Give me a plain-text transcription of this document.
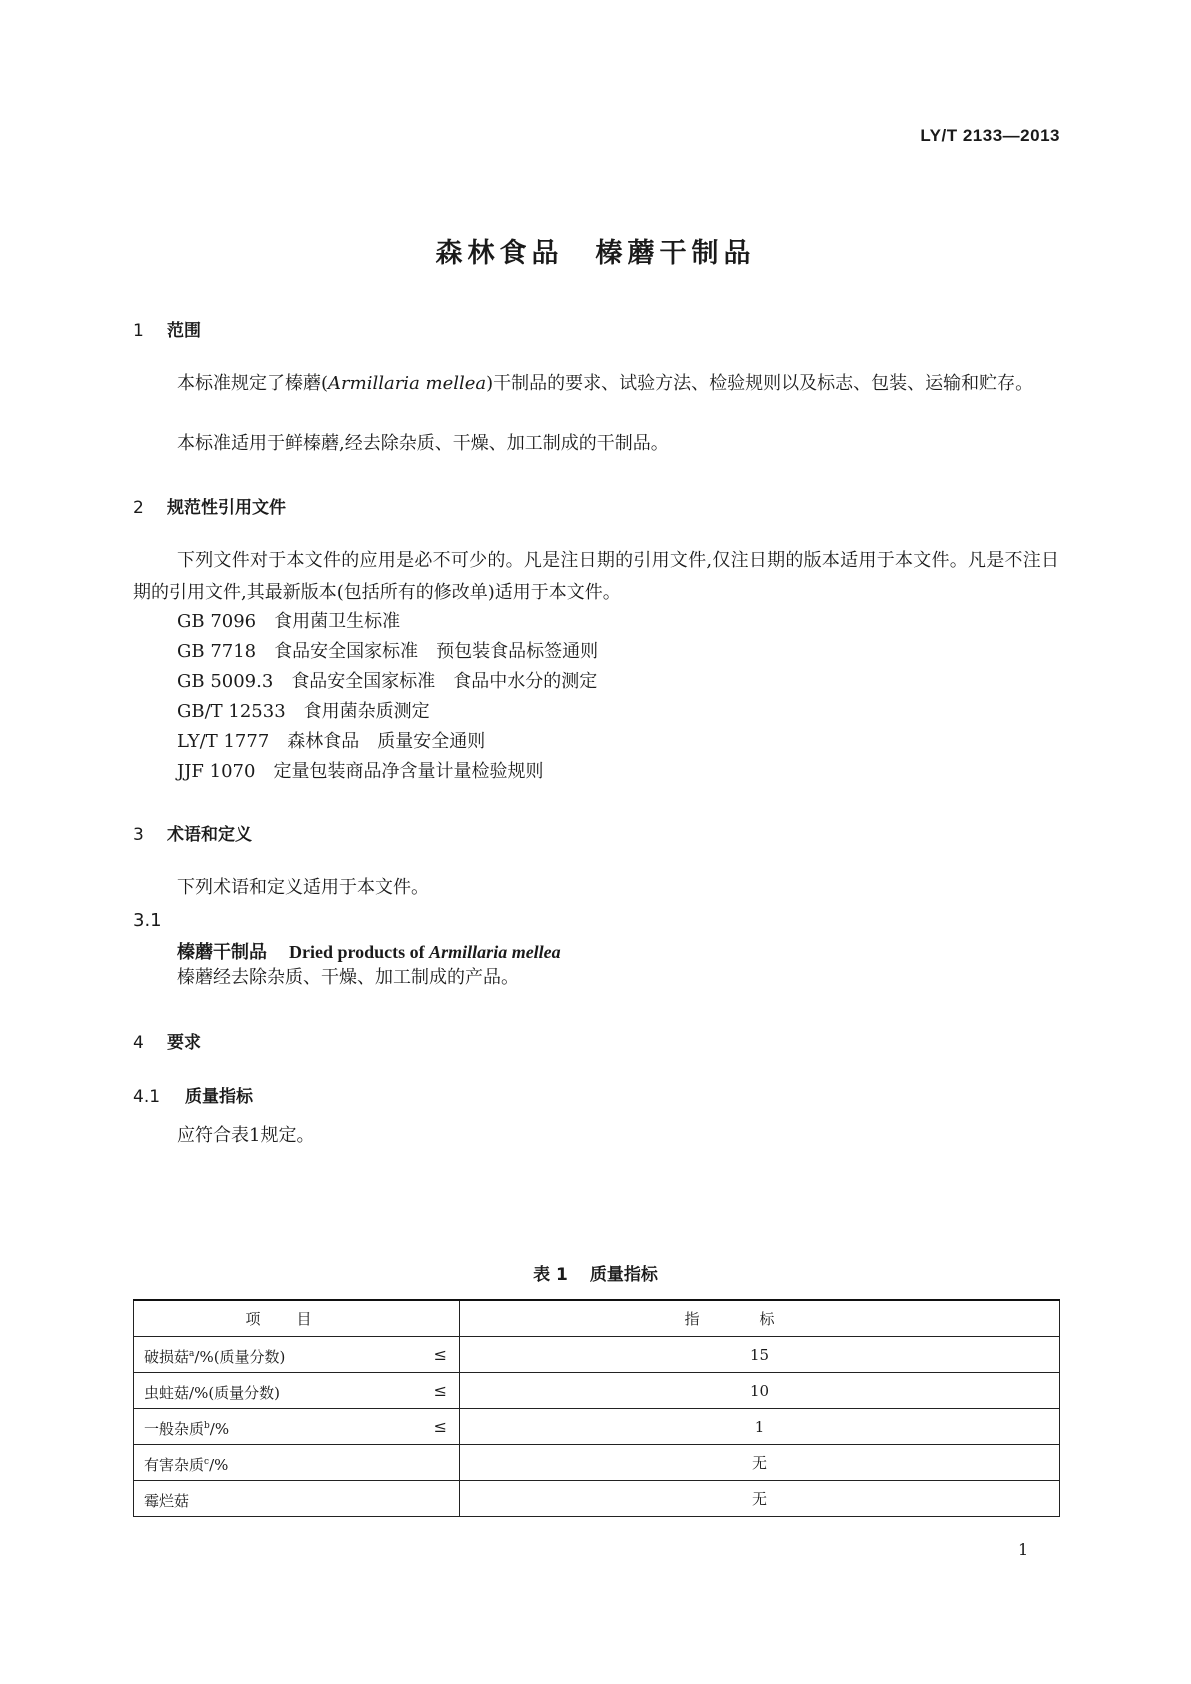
LY/T 2133—2013
森林食品　榛蘑干制品
1 范围
本标准规定了榛蘑(Armillaria mellea)干制品的要求、试验方法、检验规则以及标志、包装、运输和贮存。
本标准适用于鲜榛蘑,经去除杂质、干燥、加工制成的干制品。
2 规范性引用文件
下列文件对于本文件的应用是必不可少的。凡是注日期的引用文件,仅注日期的版本适用于本文件。凡是不注日期的引用文件,其最新版本(包括所有的修改单)适用于本文件。
GB 7096 食用菌卫生标准
GB 7718 食品安全国家标准　预包装食品标签通则
GB 5009.3 食品安全国家标准　食品中水分的测定
GB/T 12533 食用菌杂质测定
LY/T 1777 森林食品　质量安全通则
JJF 1070 定量包装商品净含量计量检验规则
3 术语和定义
下列术语和定义适用于本文件。
3.1
榛蘑干制品 Dried products of Armillaria mellea
榛蘑经去除杂质、干燥、加工制成的产品。
4 要求
4.1 质量指标
应符合表1规定。
表 1 质量指标
项目	指标

破损菇$^a$/%(质量分数) ≤	15

虫蛀菇/%(质量分数) ≤	10

一般杂质$^b$/% ≤	1

有害杂质$^c$/%	无

霉烂菇	无
1
